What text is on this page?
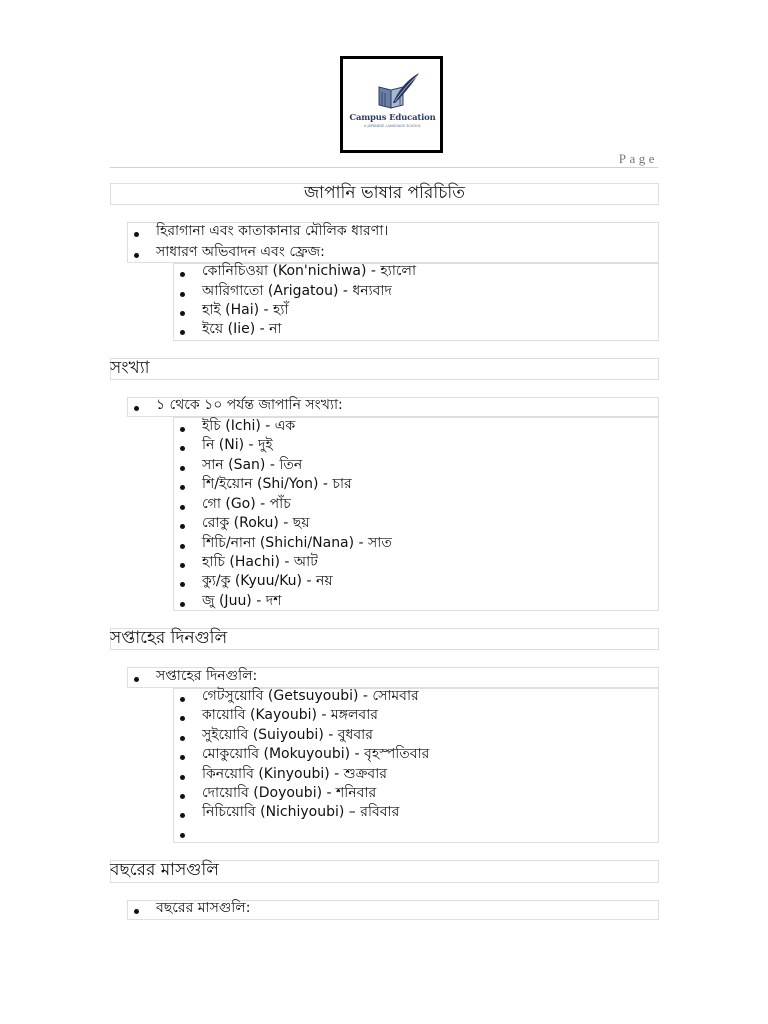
Campus Education
A JAPANESE LANGUAGE SCHOOL
Page
জাপানি ভাষার পরিচিতি
হিরাগানা এবং কাতাকানার মৌলিক ধারণা।
সাধারণ অভিবাদন এবং ফ্রেজ:
কোনিচিওয়া (Kon'nichiwa) - হ্যালো
আরিগাতো (Arigatou) - ধন্যবাদ
হাই (Hai) - হ্যাঁ
ইয়ে (Iie) - না
সংখ্যা
১ থেকে ১০ পর্যন্ত জাপানি সংখ্যা:
ইচি (Ichi) - এক
নি (Ni) - দুই
সান (San) - তিন
শি/ইয়োন (Shi/Yon) - চার
গো (Go) - পাঁচ
রোকু (Roku) - ছয়
শিচি/নানা (Shichi/Nana) - সাত
হাচি (Hachi) - আট
ক্যু/কু (Kyuu/Ku) - নয়
জু (Juu) - দশ
সপ্তাহের দিনগুলি
সপ্তাহের দিনগুলি:
গেটসুয়োবি (Getsuyoubi) - সোমবার
কায়োবি (Kayoubi) - মঙ্গলবার
সুইয়োবি (Suiyoubi) - বুধবার
মোকুয়োবি (Mokuyoubi) - বৃহস্পতিবার
কিনয়োবি (Kinyoubi) - শুক্রবার
দোয়োবি (Doyoubi) - শনিবার
নিচিয়োবি (Nichiyoubi) – রবিবার
বছরের মাসগুলি
বছরের মাসগুলি:
